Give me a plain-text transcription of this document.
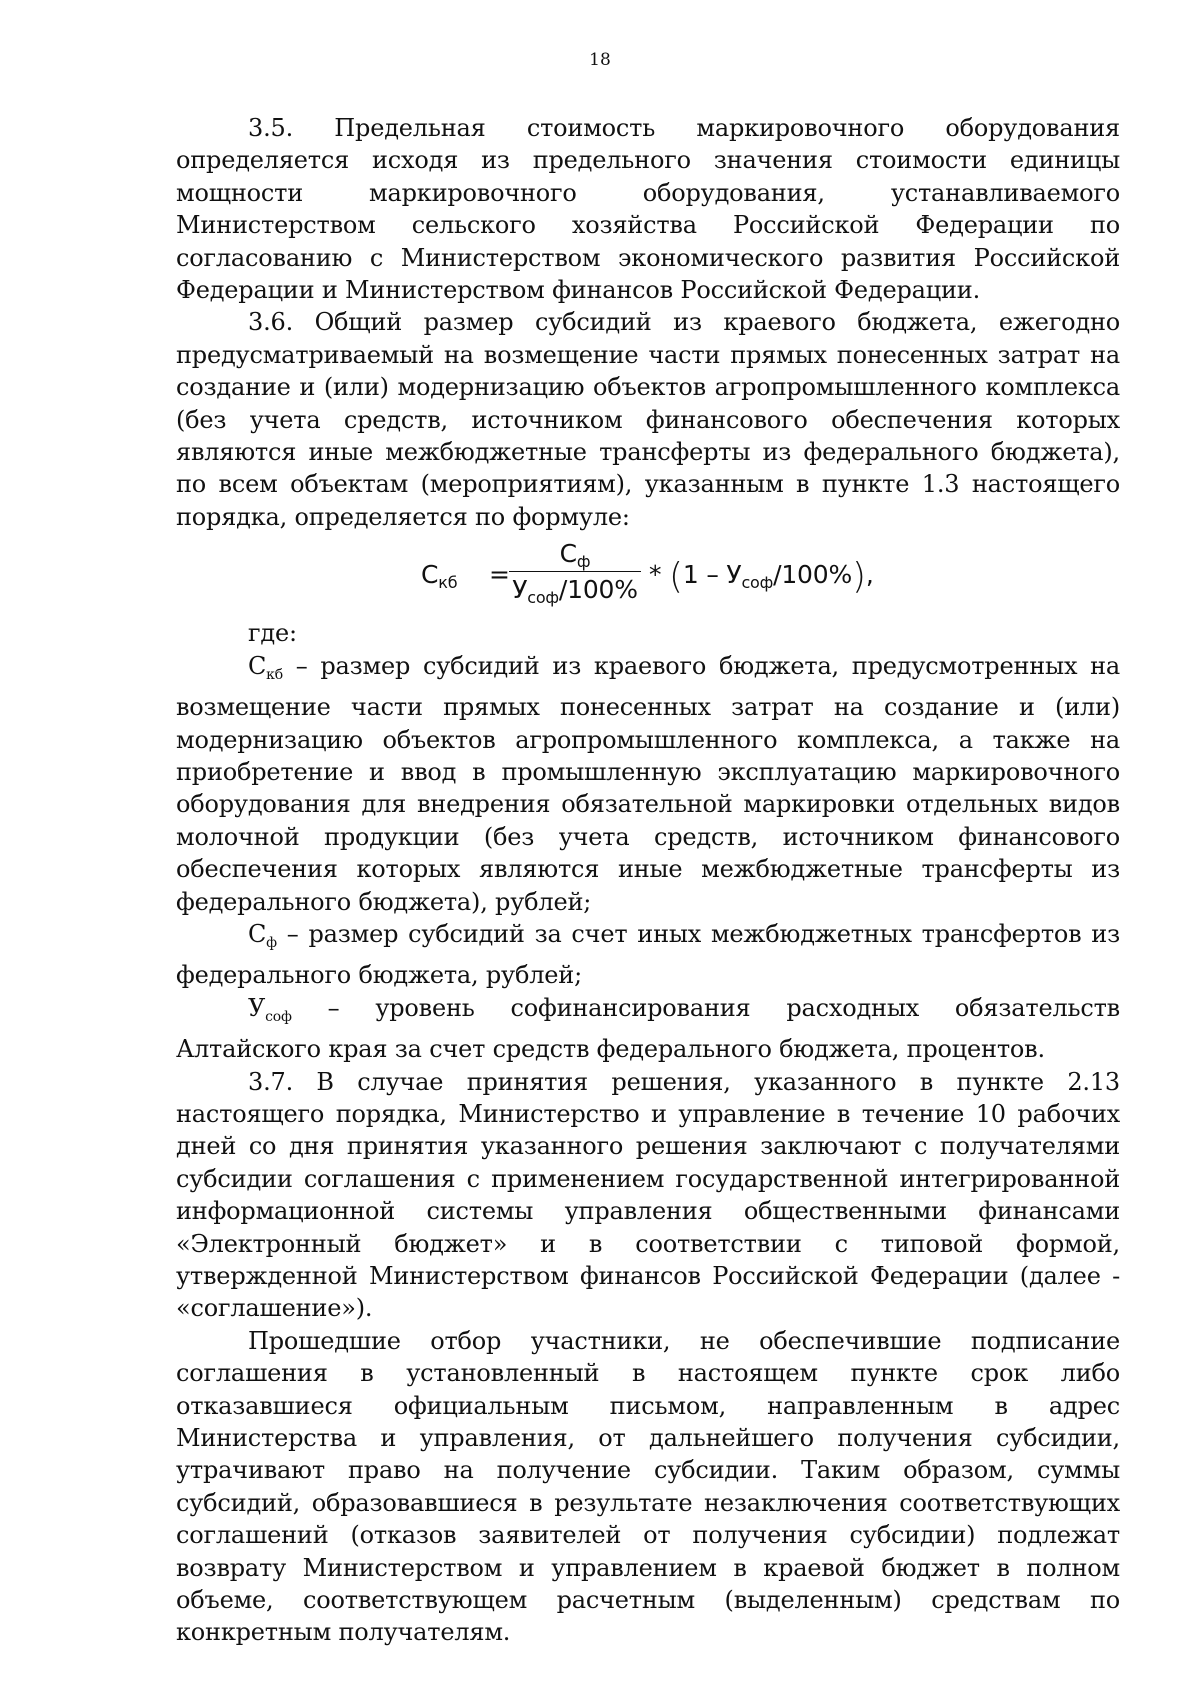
18

3.5. Предельная стоимость маркировочного оборудования определяется исходя из предельного значения стоимости единицы мощности маркировочного оборудования, устанавливаемого Министерством сельского хозяйства Российской Федерации по согласованию с Министерством экономического развития Российской Федерации и Министерством финансов Российской Федерации.

3.6. Общий размер субсидий из краевого бюджета, ежегодно предусматриваемый на возмещение части прямых понесенных затрат на создание и (или) модернизацию объектов агропромышленного комплекса (без учета средств, источником финансового обеспечения которых являются иные межбюджетные трансферты из федерального бюджета), по всем объектам (мероприятиям), указанным в пункте 1.3 настоящего порядка, определяется по формуле:

$С_{кб}$ =
$С_ф$
$У_{соф}/100\%$
* $(1 - У_{соф}/100\%)$,

где:

$С_{кб}$ – размер субсидий из краевого бюджета, предусмотренных на возмещение части прямых понесенных затрат на создание и (или) модернизацию объектов агропромышленного комплекса, а также на приобретение и ввод в промышленную эксплуатацию маркировочного оборудования для внедрения обязательной маркировки отдельных видов молочной продукции (без учета средств, источником финансового обеспечения которых являются иные межбюджетные трансферты из федерального бюджета), рублей;

$С_ф$ – размер субсидий за счет иных межбюджетных трансфертов из федерального бюджета, рублей;

$У_{соф}$ – уровень софинансирования расходных обязательств Алтайского края за счет средств федерального бюджета, процентов.

3.7. В случае принятия решения, указанного в пункте 2.13 настоящего порядка, Министерство и управление в течение 10 рабочих дней со дня принятия указанного решения заключают с получателями субсидии соглашения с применением государственной интегрированной информационной системы управления общественными финансами «Электронный бюджет» и в соответствии с типовой формой, утвержденной Министерством финансов Российской Федерации (далее - «соглашение»).

Прошедшие отбор участники, не обеспечившие подписание соглашения в установленный в настоящем пункте срок либо отказавшиеся официальным письмом, направленным в адрес Министерства и управления, от дальнейшего получения субсидии, утрачивают право на получение субсидии. Таким образом, суммы субсидий, образовавшиеся в результате незаключения соответствующих соглашений (отказов заявителей от получения субсидии) подлежат возврату Министерством и управлением в краевой бюджет в полном объеме, соответствующем расчетным (выделенным) средствам по конкретным получателям.
